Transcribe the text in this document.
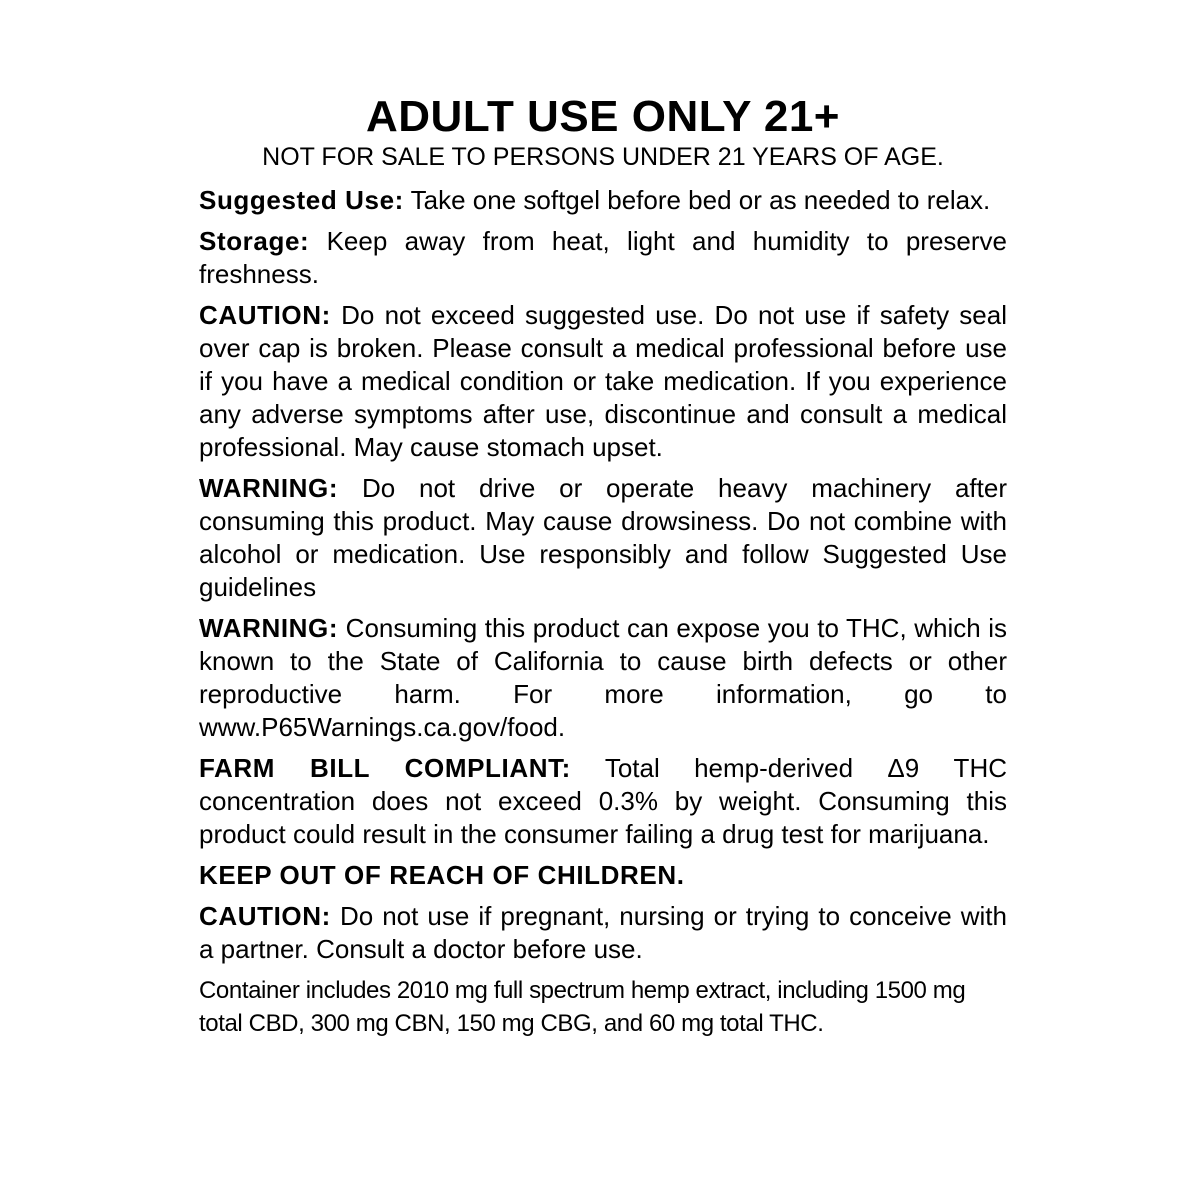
ADULT USE ONLY 21+

NOT FOR SALE TO PERSONS UNDER 21 YEARS OF AGE.

Suggested Use: Take one softgel before bed or as needed to relax.

Storage: Keep away from heat, light and humidity to preserve freshness.

CAUTION: Do not exceed suggested use. Do not use if safety seal over cap is broken. Please consult a medical professional before use if you have a medical condition or take medication. If you experience any adverse symptoms after use, discontinue and consult a medical professional. May cause stomach upset.

WARNING: Do not drive or operate heavy machinery after consuming this product. May cause drowsiness. Do not combine with alcohol or medication. Use responsibly and follow Suggested Use guidelines

WARNING: Consuming this product can expose you to THC, which is known to the State of California to cause birth defects or other reproductive harm. For more information, go to www.P65Warnings.ca.gov/food.

FARM BILL COMPLIANT: Total hemp-derived Δ9 THC concentration does not exceed 0.3% by weight. Consuming this product could result in the consumer failing a drug test for marijuana.

KEEP OUT OF REACH OF CHILDREN.

CAUTION: Do not use if pregnant, nursing or trying to conceive with a partner. Consult a doctor before use.

Container includes 2010 mg full spectrum hemp extract, including 1500 mg total CBD, 300 mg CBN, 150 mg CBG, and 60 mg total THC.
